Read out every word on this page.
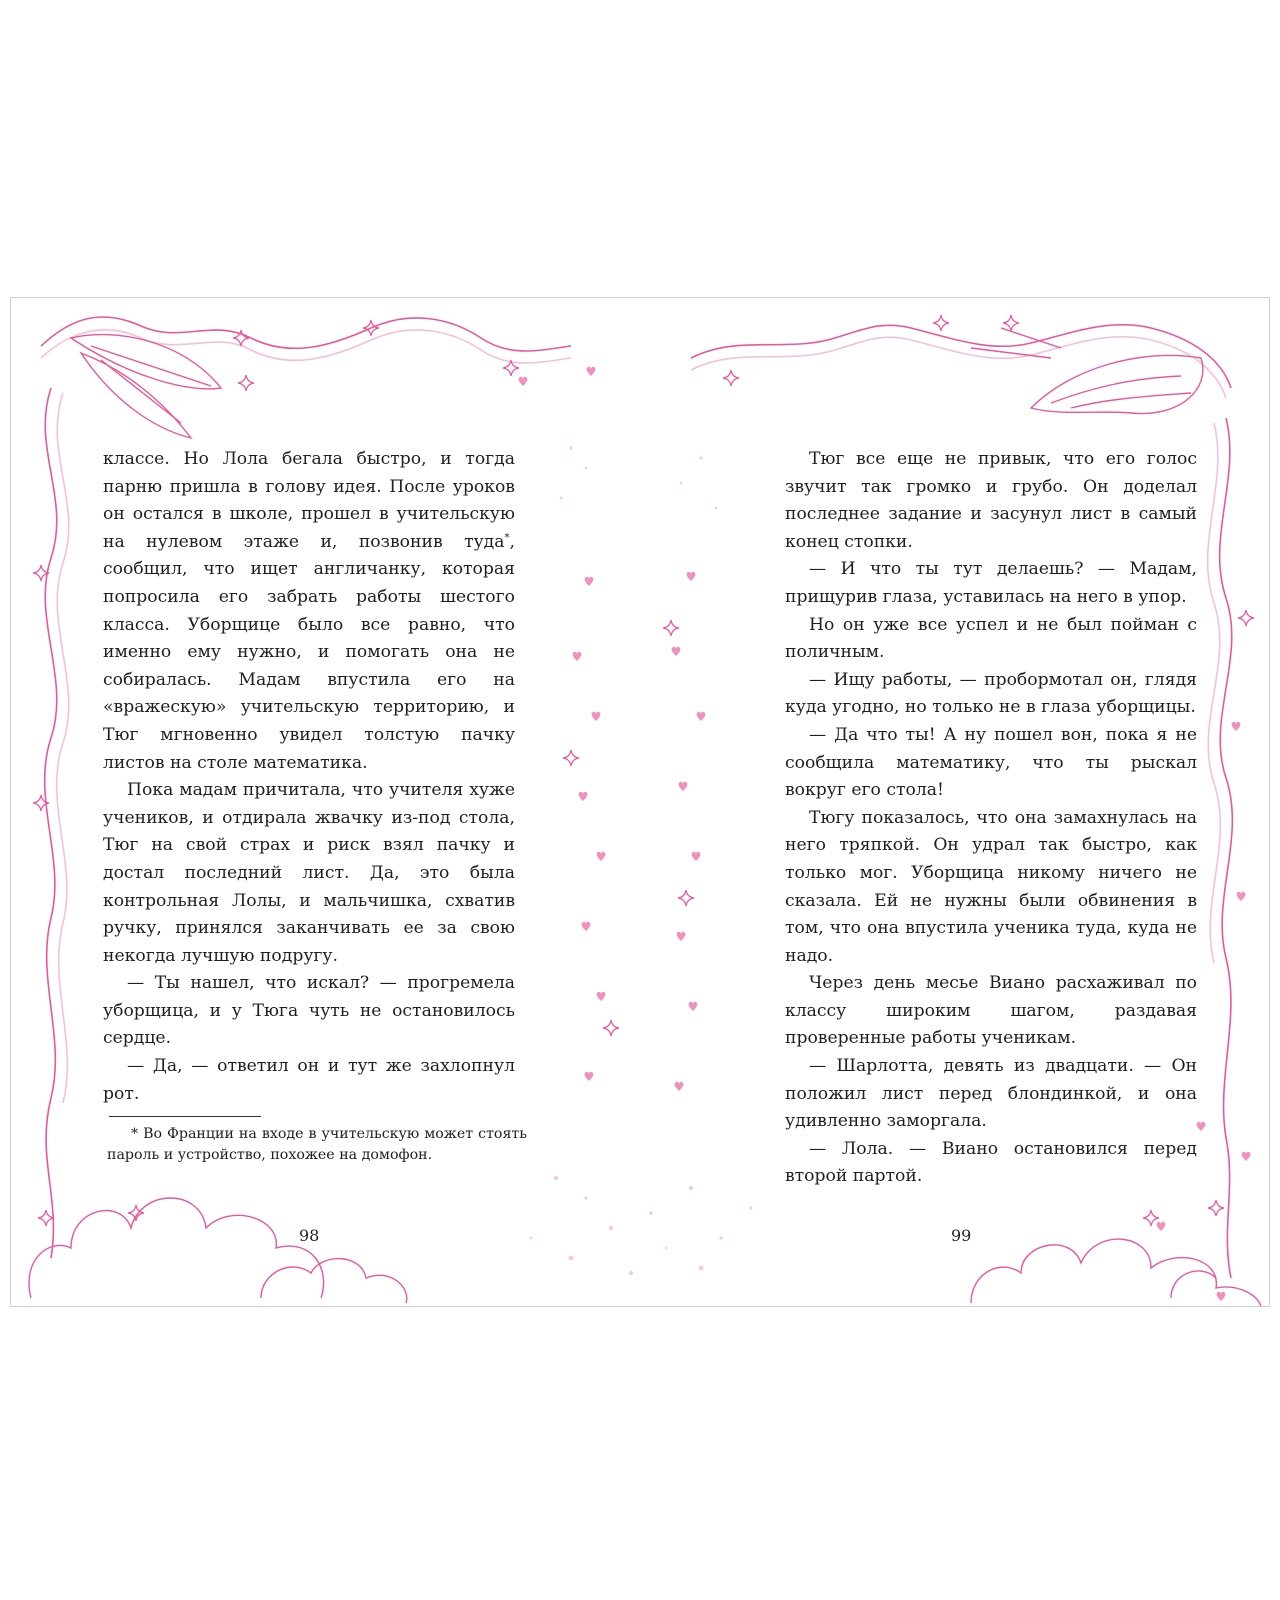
классе. Но Лола бегала быстро, и тогда парню пришла в голову идея. После уроков он остался в школе, прошел в учительскую на нулевом этаже и, позвонив туда*, сообщил, что ищет англичанку, которая попросила его забрать работы шестого класса. Уборщице было все равно, что именно ему нужно, и помогать она не собиралась. Мадам впустила его на «вражескую» учительскую территорию, и Тюг мгновенно увидел толстую пачку листов на столе математика.

Пока мадам причитала, что учителя хуже учеников, и отдирала жвачку из-под стола, Тюг на свой страх и риск взял пачку и достал последний лист. Да, это была контрольная Лолы, и мальчишка, схватив ручку, принялся заканчивать ее за свою некогда лучшую подругу.

— Ты нашел, что искал? — прогремела уборщица, и у Тюга чуть не остановилось сердце.

— Да, — ответил он и тут же захлопнул рот.

* Во Франции на входе в учительскую может стоять пароль и устройство, похожее на домофон.

98

Тюг все еще не привык, что его голос звучит так громко и грубо. Он доделал последнее задание и засунул лист в самый конец стопки.

— И что ты тут делаешь? — Мадам, прищурив глаза, уставилась на него в упор.

Но он уже все успел и не был пойман с поличным.

— Ищу работы, — пробормотал он, глядя куда угодно, но только не в глаза уборщицы.

— Да что ты! А ну пошел вон, пока я не сообщила математику, что ты рыскал вокруг его стола!

Тюгу показалось, что она замахнулась на него тряпкой. Он удрал так быстро, как только мог. Уборщица никому ничего не сказала. Ей не нужны были обвинения в том, что она впустила ученика туда, куда не надо.

Через день месье Виано расхаживал по классу широким шагом, раздавая проверенные работы ученикам.

— Шарлотта, девять из двадцати. — Он положил лист перед блондинкой, и она удивленно заморгала.

— Лола. — Виано остановился перед второй партой.

99
